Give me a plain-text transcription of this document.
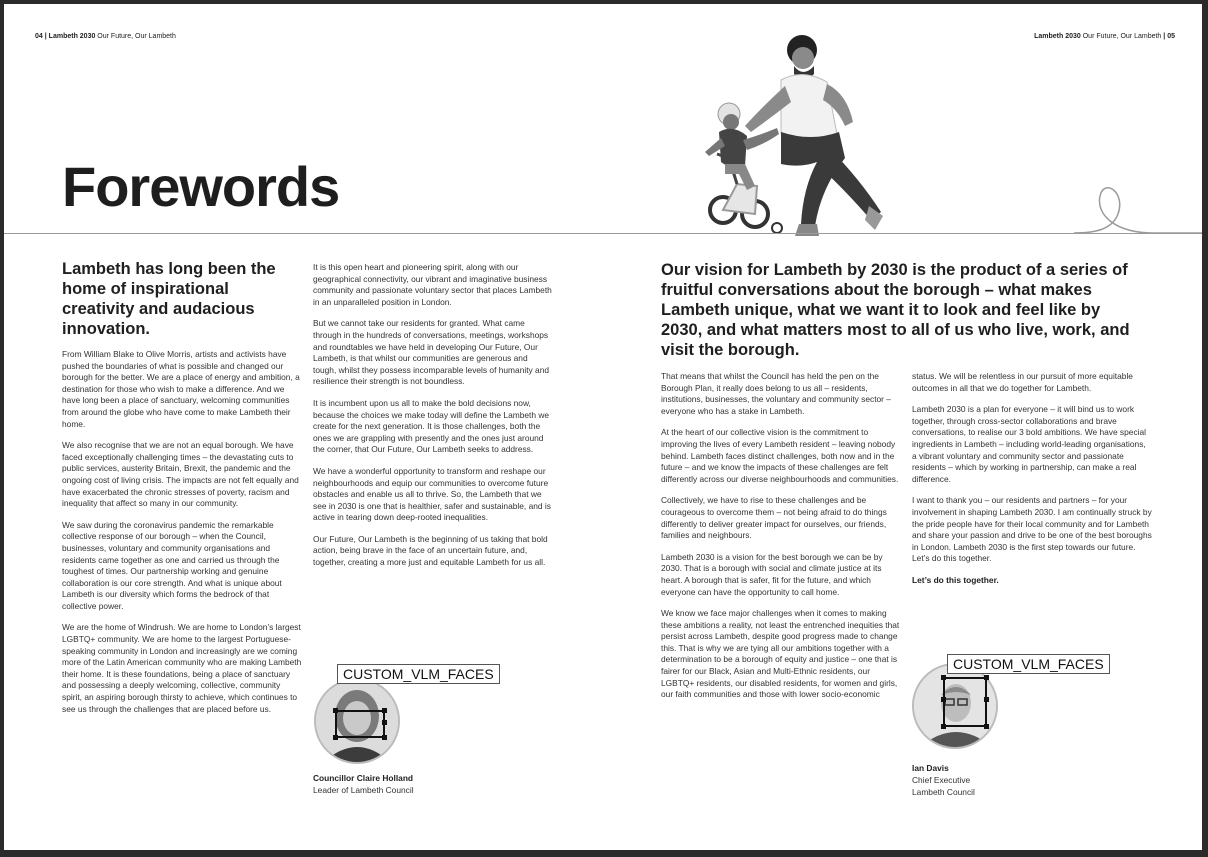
04 | Lambeth 2030 Our Future, Our Lambeth	Lambeth 2030 Our Future, Our Lambeth | 05
Forewords

Lambeth has long been the home of inspirational creativity and audacious innovation.

From William Blake to Olive Morris, artists and activists have pushed the boundaries of what is possible and changed our borough for the better. We are a place of energy and ambition, a destination for those who wish to make a difference. And we have long been a place of sanctuary, welcoming communities from around the globe who have come to make Lambeth their home.

We also recognise that we are not an equal borough. We have faced exceptionally challenging times – the devastating cuts to public services, austerity Britain, Brexit, the pandemic and the ongoing cost of living crisis. The impacts are not felt equally and have exacerbated the chronic stresses of poverty, racism and inequality that affect so many in our community.

We saw during the coronavirus pandemic the remarkable collective response of our borough – when the Council, businesses, voluntary and community organisations and residents came together as one and carried us through the toughest of times. Our partnership working and genuine collaboration is our core strength. And what is unique about Lambeth is our diversity which forms the bedrock of that collective power.

We are the home of Windrush. We are home to London’s largest LGBTQ+ community. We are home to the largest Portuguese-speaking community in London and increasingly are we coming more of the Latin American community who are making Lambeth their home. It is these foundations, being a place of sanctuary and possessing a deeply welcoming, collective, community spirit, an aspiring borough thirsty to achieve, which continues to see us through the challenges that are placed before us.

It is this open heart and pioneering spirit, along with our geographical connectivity, our vibrant and imaginative business community and passionate voluntary sector that places Lambeth in an unparalleled position in London.

But we cannot take our residents for granted. What came through in the hundreds of conversations, meetings, workshops and roundtables we have held in developing Our Future, Our Lambeth, is that whilst our communities are generous and tough, whilst they possess incomparable levels of humanity and resilience their strength is not boundless.

It is incumbent upon us all to make the bold decisions now, because the choices we make today will define the Lambeth we create for the next generation. It is those challenges, both the ones we are grappling with presently and the ones just around the corner, that Our Future, Our Lambeth seeks to address.

We have a wonderful opportunity to transform and reshape our neighbourhoods and equip our communities to overcome future obstacles and enable us all to thrive. So, the Lambeth that we see in 2030 is one that is healthier, safer and sustainable, and is active in tearing down deep-rooted inequalities.

Our Future, Our Lambeth is the beginning of us taking that bold action, being brave in the face of an uncertain future, and, together, creating a more just and equitable Lambeth for us all.

CUSTOM_VLM_FACES
Councillor Claire Holland
Leader of Lambeth Council

Our vision for Lambeth by 2030 is the product of a series of fruitful conversations about the borough – what makes Lambeth unique, what we want it to look and feel like by 2030, and what matters most to all of us who live, work, and visit the borough.

That means that whilst the Council has held the pen on the Borough Plan, it really does belong to us all – residents, institutions, businesses, the voluntary and community sector – everyone who has a stake in Lambeth.

At the heart of our collective vision is the commitment to improving the lives of every Lambeth resident – leaving nobody behind. Lambeth faces distinct challenges, both now and in the future – and we know the impacts of these challenges are felt differently across our diverse neighbourhoods and communities.

Collectively, we have to rise to these challenges and be courageous to overcome them – not being afraid to do things differently to deliver greater impact for ourselves, our friends, families and neighbours.

Lambeth 2030 is a vision for the best borough we can be by 2030. That is a borough with social and climate justice at its heart. A borough that is safer, fit for the future, and which everyone can have the opportunity to call home.

We know we face major challenges when it comes to making these ambitions a reality, not least the entrenched inequities that persist across Lambeth, despite good progress made to change this. That is why we are tying all our ambitions together with a determination to be a borough of equity and justice – one that is fairer for our Black, Asian and Multi-Ethnic residents, our LGBTQ+ residents, our disabled residents, for women and girls, our faith communities and those with lower socio-economic

status. We will be relentless in our pursuit of more equitable outcomes in all that we do together for Lambeth.

Lambeth 2030 is a plan for everyone – it will bind us to work together, through cross-sector collaborations and brave conversations, to realise our 3 bold ambitions. We have special ingredients in Lambeth – including world-leading organisations, a vibrant voluntary and community sector and passionate residents – which by working in partnership, can make a real difference.

I want to thank you – our residents and partners – for your involvement in shaping Lambeth 2030. I am continually struck by the pride people have for their local community and for Lambeth and share your passion and drive to be one of the best boroughs in London. Lambeth 2030 is the first step towards our future. Let’s do this together.

Let’s do this together.

CUSTOM_VLM_FACES
Ian Davis
Chief Executive
Lambeth Council
